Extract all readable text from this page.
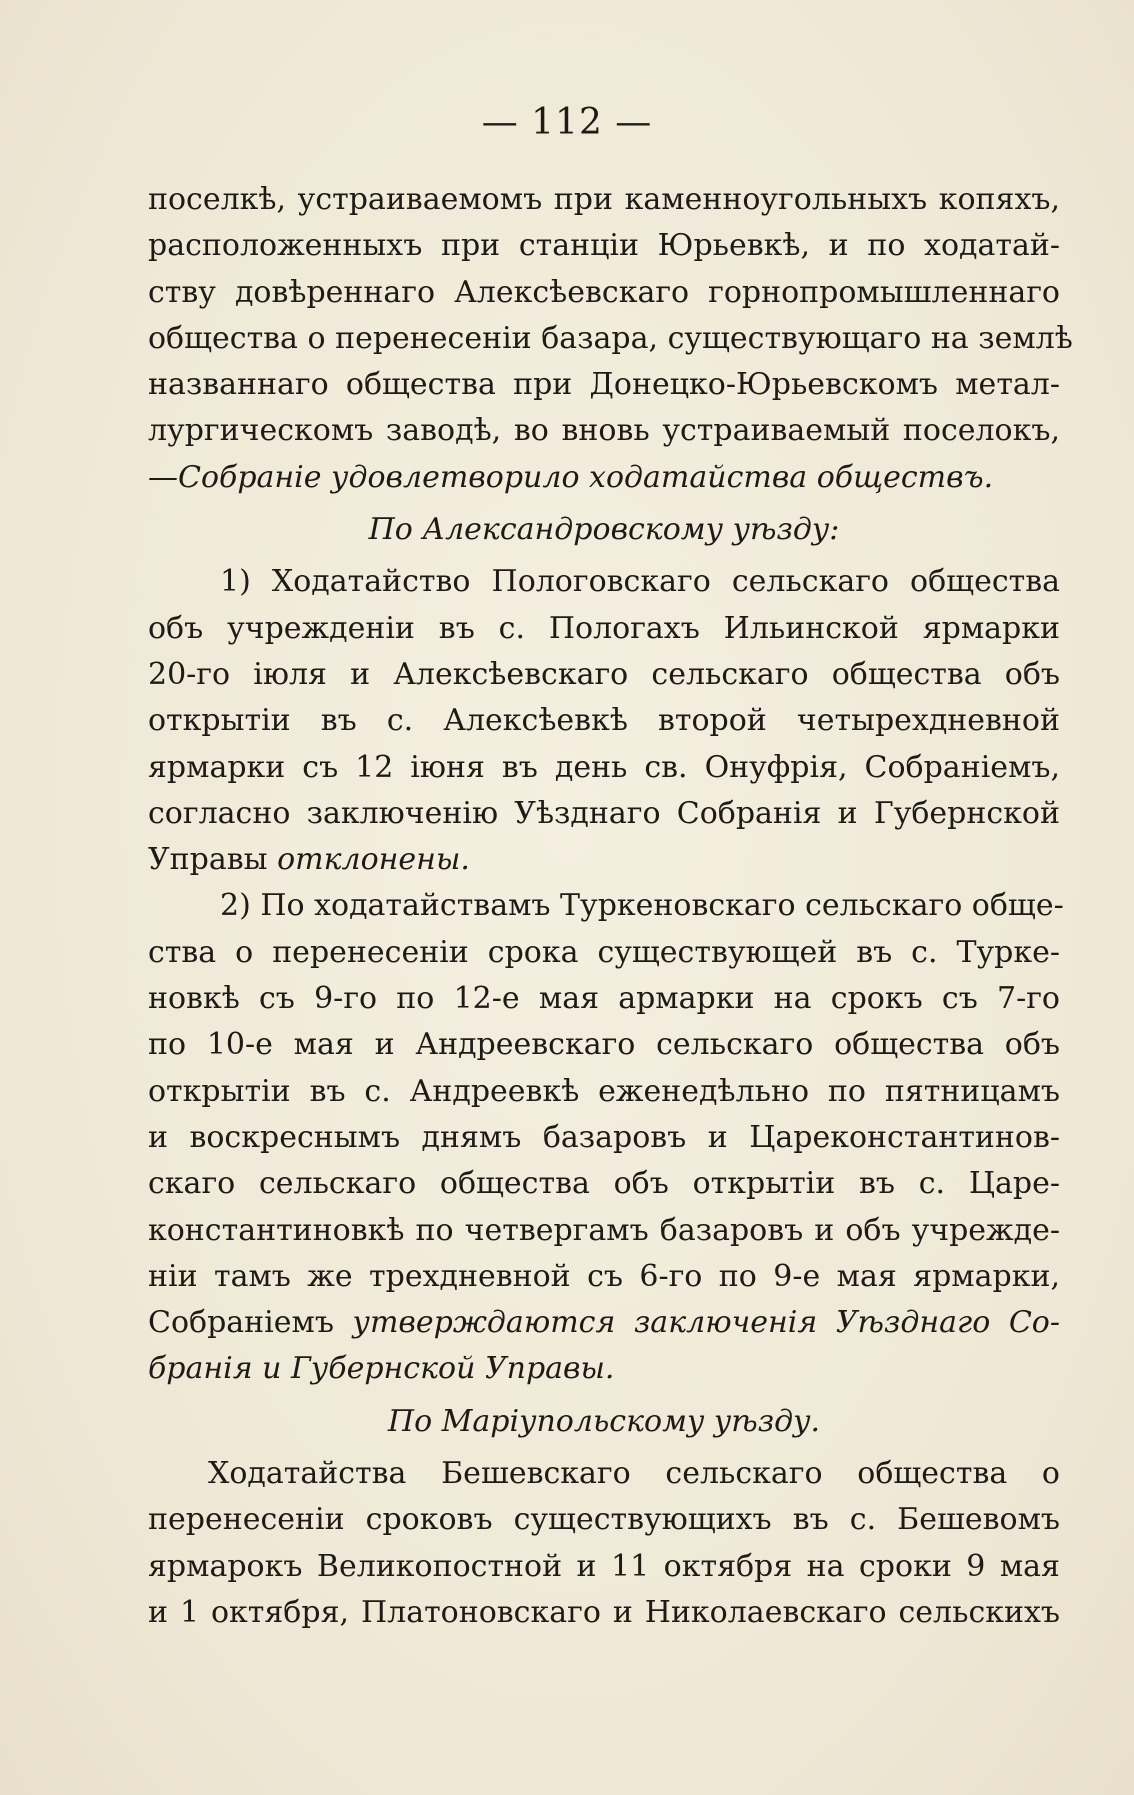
— 112 —
поселкѣ, устраиваемомъ при каменноугольныхъ копяхъ,
расположенныхъ при станціи Юрьевкѣ, и по ходатай-
ству довѣреннаго Алексѣевскаго горнопромышленнаго
общества о перенесеніи базара, существующаго на землѣ
названнаго общества при Донецко-Юрьевскомъ метал-
лургическомъ заводѣ, во вновь устраиваемый поселокъ,
—Собраніе удовлетворило ходатайства обществъ.
По Александровскому уѣзду:
1) Ходатайство Пологовскаго сельскаго общества
объ учрежденіи въ с. Пологахъ Ильинской ярмарки
20-го іюля и Алексѣевскаго сельскаго общества объ
открытіи въ с. Алексѣевкѣ второй четырехдневной
ярмарки съ 12 іюня въ день св. Онуфрія, Собраніемъ,
согласно заключенію Уѣзднаго Собранія и Губернской
Управы отклонены.
2) По ходатайствамъ Туркеновскаго сельскаго обще-
ства о перенесеніи срока существующей въ с. Турке-
новкѣ съ 9-го по 12-е мая армарки на срокъ съ 7-го
по 10-е мая и Андреевскаго сельскаго общества объ
открытіи въ с. Андреевкѣ еженедѣльно по пятницамъ
и воскреснымъ днямъ базаровъ и Цареконстантинов-
скаго сельскаго общества объ открытіи въ с. Царе-
константиновкѣ по четвергамъ базаровъ и объ учрежде-
ніи тамъ же трехдневной съ 6-го по 9-е мая ярмарки,
Собраніемъ утверждаются заключенія Уѣзднаго Со-
бранія и Губернской Управы.
По Маріупольскому уѣзду.
Ходатайства Бешевскаго сельскаго общества о
перенесеніи сроковъ существующихъ въ с. Бешевомъ
ярмарокъ Великопостной и 11 октября на сроки 9 мая
и 1 октября, Платоновскаго и Николаевскаго сельскихъ
